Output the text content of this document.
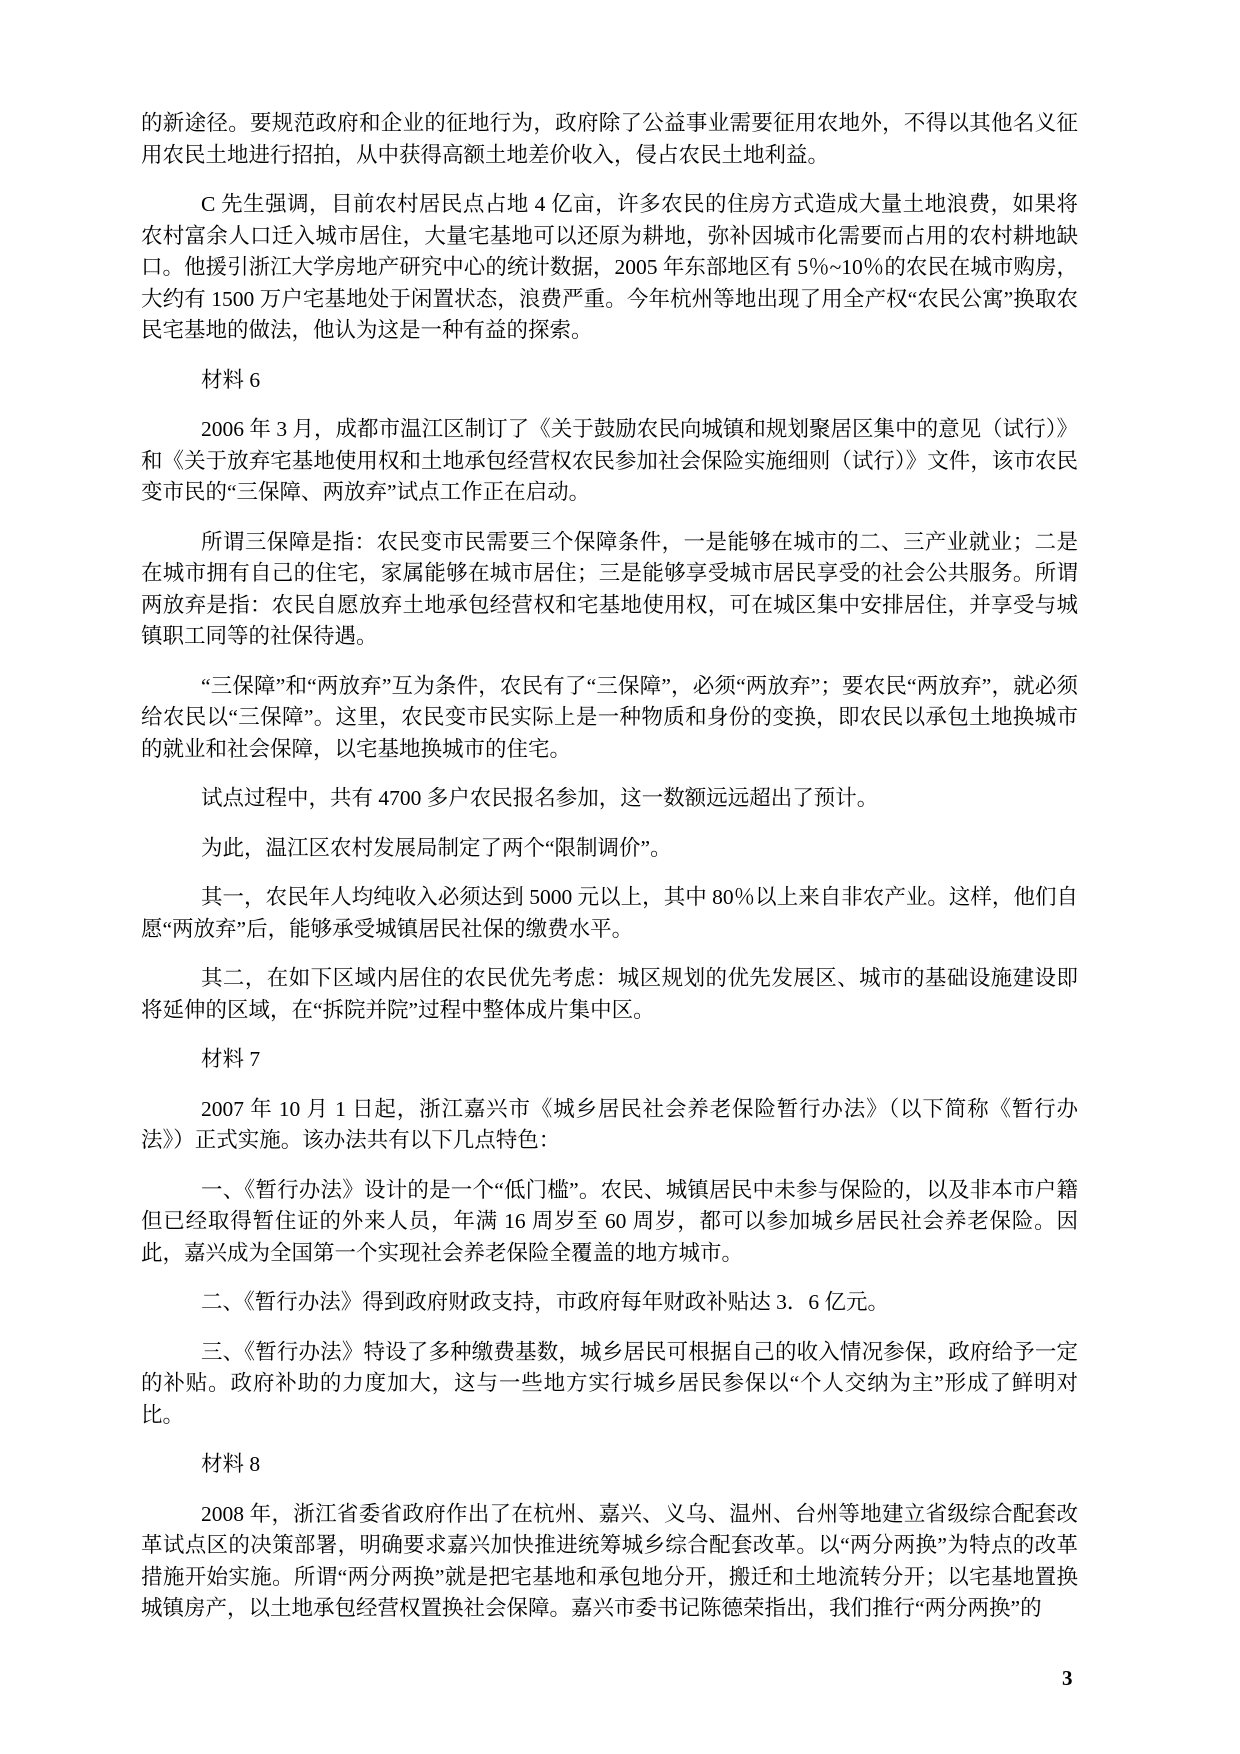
的新途径。要规范政府和企业的征地行为，政府除了公益事业需要征用农地外，不得以其他名义征用农民土地进行招拍，从中获得高额土地差价收入，侵占农民土地利益。

C 先生强调，目前农村居民点占地 4 亿亩，许多农民的住房方式造成大量土地浪费，如果将农村富余人口迁入城市居住，大量宅基地可以还原为耕地，弥补因城市化需要而占用的农村耕地缺口。他援引浙江大学房地产研究中心的统计数据，2005 年东部地区有 5％~10％的农民在城市购房，大约有 1500 万户宅基地处于闲置状态，浪费严重。今年杭州等地出现了用全产权“农民公寓”换取农民宅基地的做法，他认为这是一种有益的探索。

材料 6

2006 年 3 月，成都市温江区制订了《关于鼓励农民向城镇和规划聚居区集中的意见（试行）》和《关于放弃宅基地使用权和土地承包经营权农民参加社会保险实施细则（试行）》文件，该市农民变市民的“三保障、两放弃”试点工作正在启动。

所谓三保障是指：农民变市民需要三个保障条件，一是能够在城市的二、三产业就业；二是在城市拥有自己的住宅，家属能够在城市居住；三是能够享受城市居民享受的社会公共服务。所谓两放弃是指：农民自愿放弃土地承包经营权和宅基地使用权，可在城区集中安排居住，并享受与城镇职工同等的社保待遇。

“三保障”和“两放弃”互为条件，农民有了“三保障”，必须“两放弃”；要农民“两放弃”，就必须给农民以“三保障”。这里，农民变市民实际上是一种物质和身份的变换，即农民以承包土地换城市的就业和社会保障，以宅基地换城市的住宅。

试点过程中，共有 4700 多户农民报名参加，这一数额远远超出了预计。

为此，温江区农村发展局制定了两个“限制调价”。

其一，农民年人均纯收入必须达到 5000 元以上，其中 80％以上来自非农产业。这样，他们自愿“两放弃”后，能够承受城镇居民社保的缴费水平。

其二，在如下区域内居住的农民优先考虑：城区规划的优先发展区、城市的基础设施建设即将延伸的区域，在“拆院并院”过程中整体成片集中区。

材料 7

2007 年 10 月 1 日起，浙江嘉兴市《城乡居民社会养老保险暂行办法》（以下简称《暂行办法》）正式实施。该办法共有以下几点特色：

一、《暂行办法》设计的是一个“低门槛”。农民、城镇居民中未参与保险的，以及非本市户籍但已经取得暂住证的外来人员，年满 16 周岁至 60 周岁，都可以参加城乡居民社会养老保险。因此，嘉兴成为全国第一个实现社会养老保险全覆盖的地方城市。

二、《暂行办法》得到政府财政支持，市政府每年财政补贴达 3．6 亿元。

三、《暂行办法》特设了多种缴费基数，城乡居民可根据自己的收入情况参保，政府给予一定的补贴。政府补助的力度加大，这与一些地方实行城乡居民参保以“个人交纳为主”形成了鲜明对比。

材料 8

2008 年，浙江省委省政府作出了在杭州、嘉兴、义乌、温州、台州等地建立省级综合配套改革试点区的决策部署，明确要求嘉兴加快推进统筹城乡综合配套改革。以“两分两换”为特点的改革措施开始实施。所谓“两分两换”就是把宅基地和承包地分开，搬迁和土地流转分开；以宅基地置换城镇房产，以土地承包经营权置换社会保障。嘉兴市委书记陈德荣指出，我们推行“两分两换”的

3
